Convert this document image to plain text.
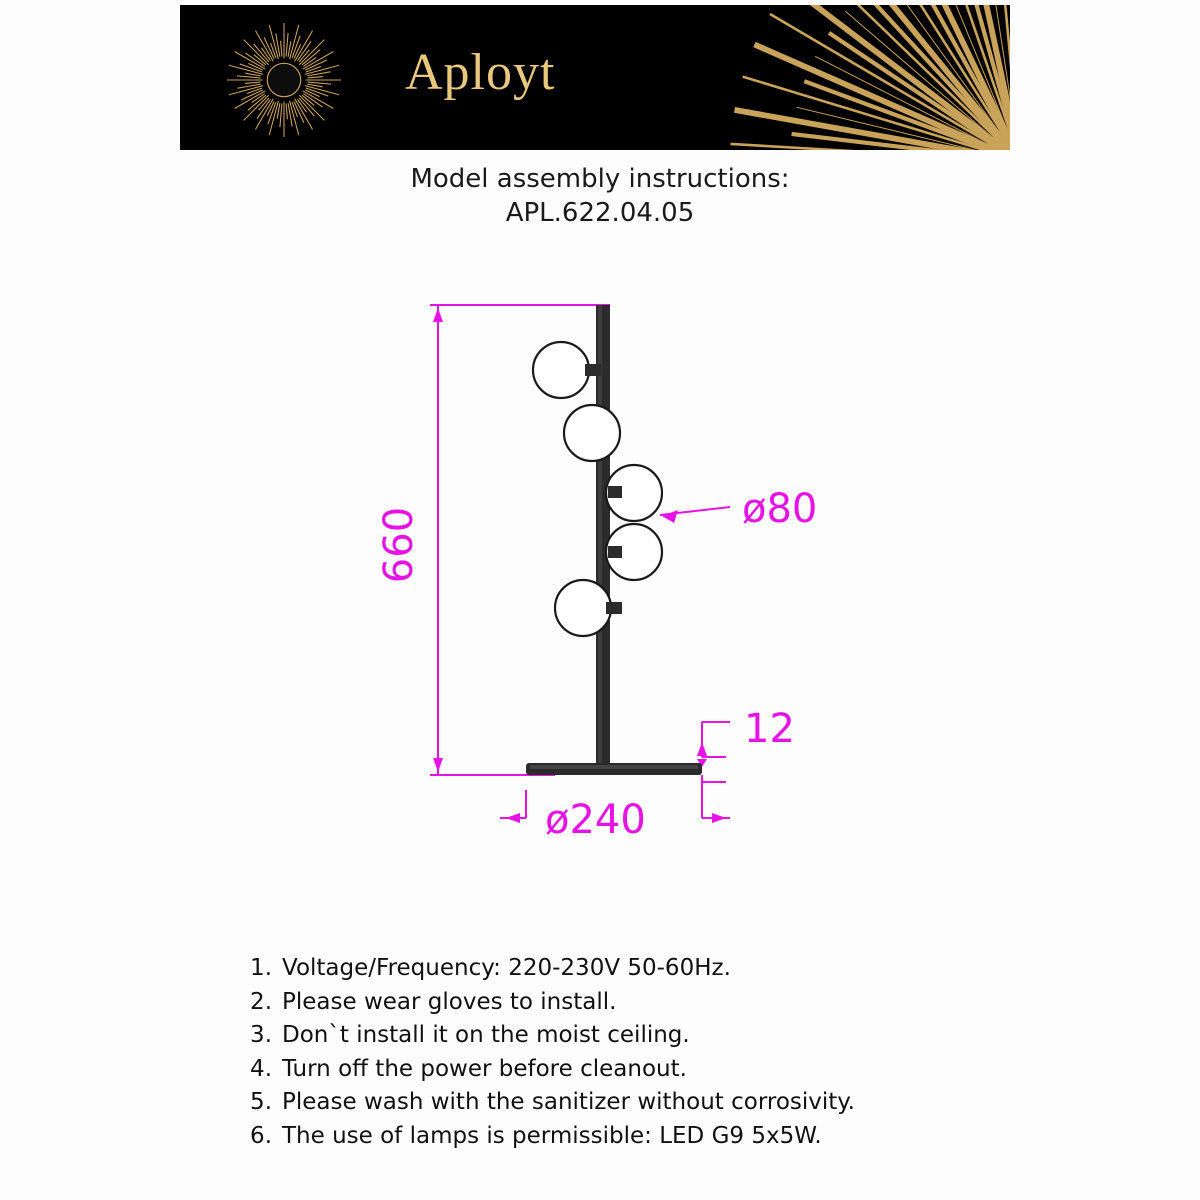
Aployt
Model assembly instructions:
APL.622.04.05
660	ø80
12
ø240
Voltage/Frequency: 220-230V 50-60Hz.
Please wear gloves to install.
Don`t install it on the moist ceiling.
Turn off the power before cleanout.
Please wash with the sanitizer without corrosivity.
The use of lamps is permissible: LED G9 5x5W.
